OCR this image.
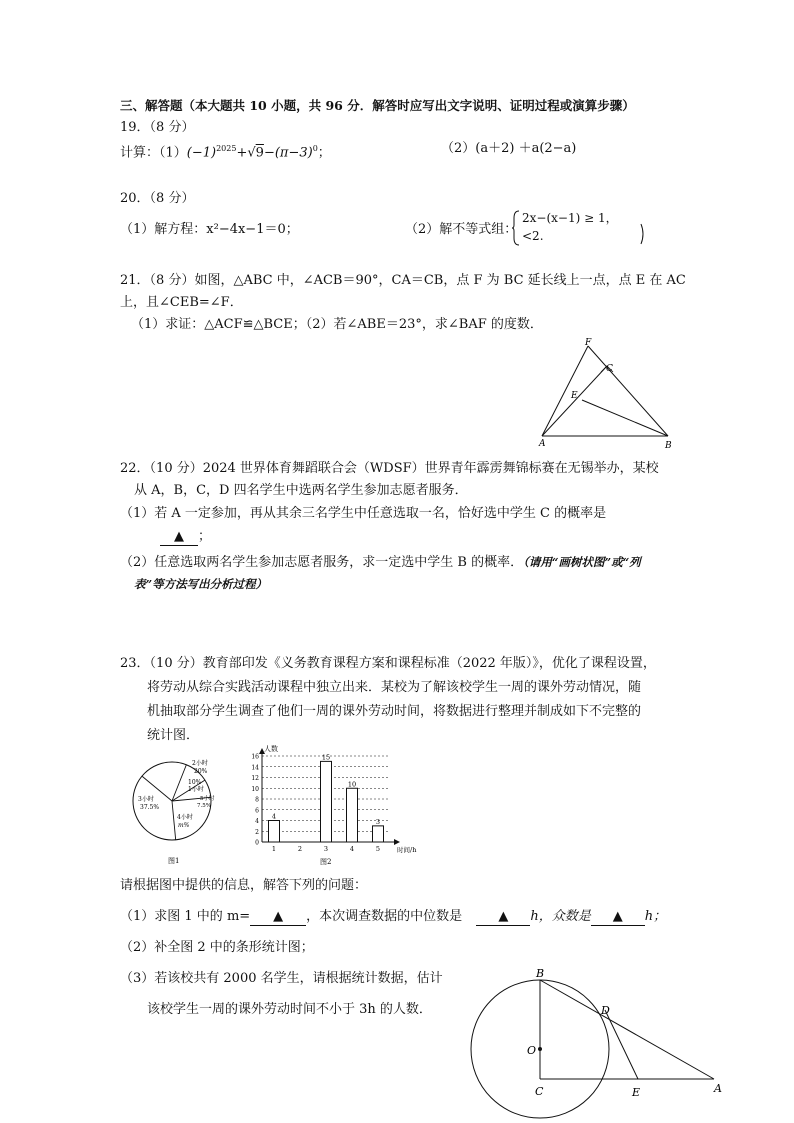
三、解答题（本大题共 10 小题，共 96 分．解答时应写出文字说明、证明过程或演算步骤）
19．（8 分）
计算：$(1)(-1)^{2025}+√9-(\pi-3)^0$；	（2）(a＋2) ＋a(2−a)
20．（8 分）
（1）解方程：x²−4x−1＝0；	（2）解不等式组：
2x−(x−1) ≥ 1，
<2.
21．（8 分）如图，△ABC 中，∠ACB＝90°，CA＝CB，点 F 为 BC 延长线上一点，点 E 在 AC
上，且∠CEB=∠F．
（1）求证：△ACF≌△BCE；（2）若∠ABE＝23°，求∠BAF 的度数．
F
C
E
A	B
22．（10 分）2024 世界体育舞蹈联合会（WDSF）世界青年霹雳舞锦标赛在无锡举办，某校
从 A，B，C，D 四名学生中选两名学生参加志愿者服务．
（1）若 A 一定参加，再从其余三名学生中任意选取一名，恰好选中学生 C 的概率是
▲ ；
（2）任意选取两名学生参加志愿者服务，求一定选中学生 B 的概率．（请用“画树状图”或“列
表”等方法写出分析过程）
23．（10 分）教育部印发《义务教育课程方案和课程标准（2022 年版）》，优化了课程设置，
将劳动从综合实践活动课程中独立出来．某校为了解该校学生一周的课外劳动情况，随
机抽取部分学生调查了他们一周的课外劳动时间，将数据进行整理并制成如下不完整的
统计图．
2小时
20%
3小时
37.5%
10%
1小时
5小时
7.5%
4小时
m%
图1
0
2
4
6
8
10
12
14
16
1	2	3	4	5
4
15
10
3
人数
时间/h
图2
请根据图中提供的信息，解答下列的问题：
（1）求图 1 中的 m= ▲ ，本次调查数据的中位数是	▲ h，众数是 ▲ h；
（2）补全图 2 中的条形统计图；
（3）若该校共有 2000 名学生，请根据统计数据，估计
该校学生一周的课外劳动时间不小于 3h 的人数．
B
D
O
C	E	A
